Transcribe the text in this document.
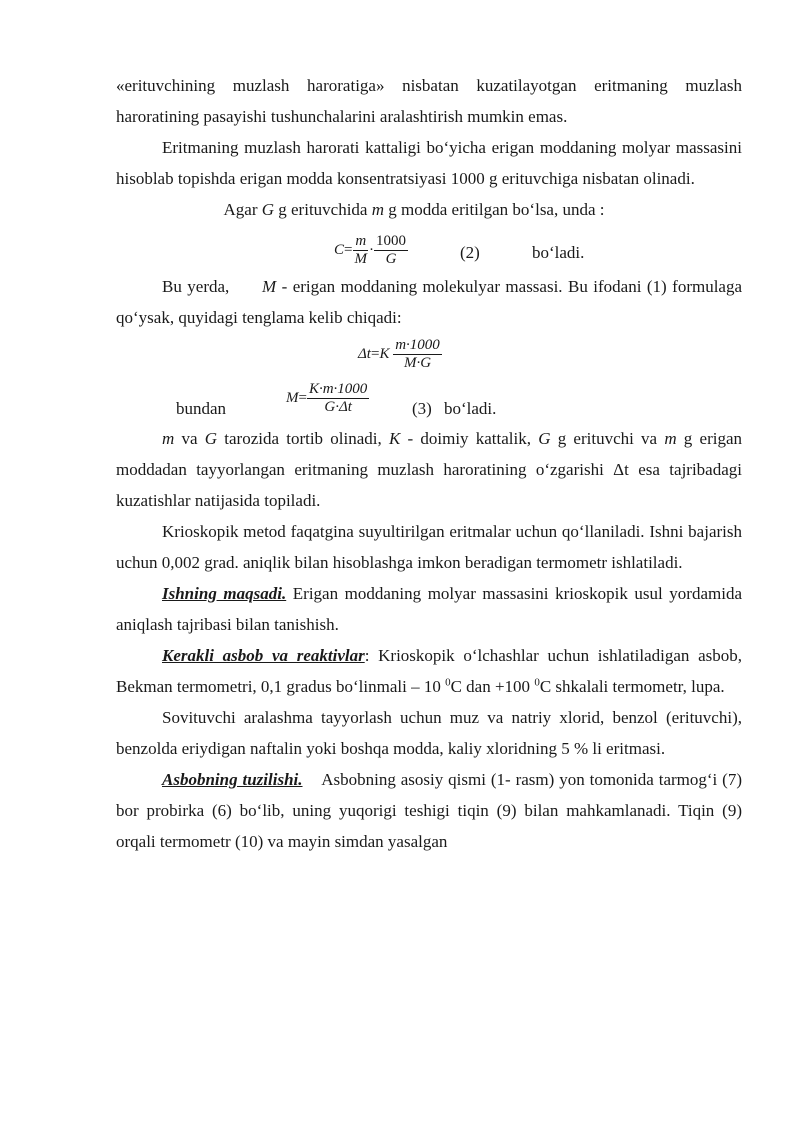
«erituvchining muzlash haroratiga» nisbatan kuzatilayotgan eritmaning muzlash haroratining pasayishi tushunchalarini aralashtirish mumkin emas.

Eritmaning muzlash harorati kattaligi bo‘yicha erigan moddaning molyar massasini hisoblab topishda erigan modda konsentratsiyasi 1000 g erituvchiga nisbatan olinadi.

Agar G g erituvchida m g modda eritilgan bo‘lsa, unda :

$C= \frac{m}{M} \cdot \frac{1000}{G}$	(2)	bo‘ladi.

Bu yerda, M - erigan moddaning molekulyar massasi. Bu ifodani (1) formulaga qo‘ysak, quyidagi tenglama kelib chiqadi:

$\Delta t=K \frac{m\cdot 1000}{M\cdot G}$
bundan
$M= \frac{K\cdot m\cdot 1000}{G\cdot\Delta t}$	(3) bo‘ladi.

m va G tarozida tortib olinadi, K - doimiy kattalik, G g erituvchi va m g erigan moddadan tayyorlangan eritmaning muzlash haroratining o‘zgarishi Δt esa tajribadagi kuzatishlar natijasida topiladi.

Krioskopik metod faqatgina suyultirilgan eritmalar uchun qo‘llaniladi. Ishni bajarish uchun 0,002 grad. aniqlik bilan hisoblashga imkon beradigan termometr ishlatiladi.

Ishning maqsadi. Erigan moddaning molyar massasini krioskopik usul yordamida aniqlash tajribasi bilan tanishish.

Kerakli asbob va reaktivlar: Krioskopik o‘lchashlar uchun ishlatiladigan asbob, Bekman termometri, 0,1 gradus bo‘linmali – 10 $^0$C dan +100 $^0$C shkalali termometr, lupa.

Sovituvchi aralashma tayyorlash uchun muz va natriy xlorid, benzol (erituvchi), benzolda eriydigan naftalin yoki boshqa modda, kaliy xloridning 5 % li eritmasi.

Asbobning tuzilishi.    Asbobning asosiy qismi (1- rasm) yon tomonida tarmog‘i (7) bor probirka (6) bo‘lib, uning yuqorigi teshigi tiqin (9) bilan mahkamlanadi. Tiqin (9) orqali termometr (10) va mayin simdan yasalgan
